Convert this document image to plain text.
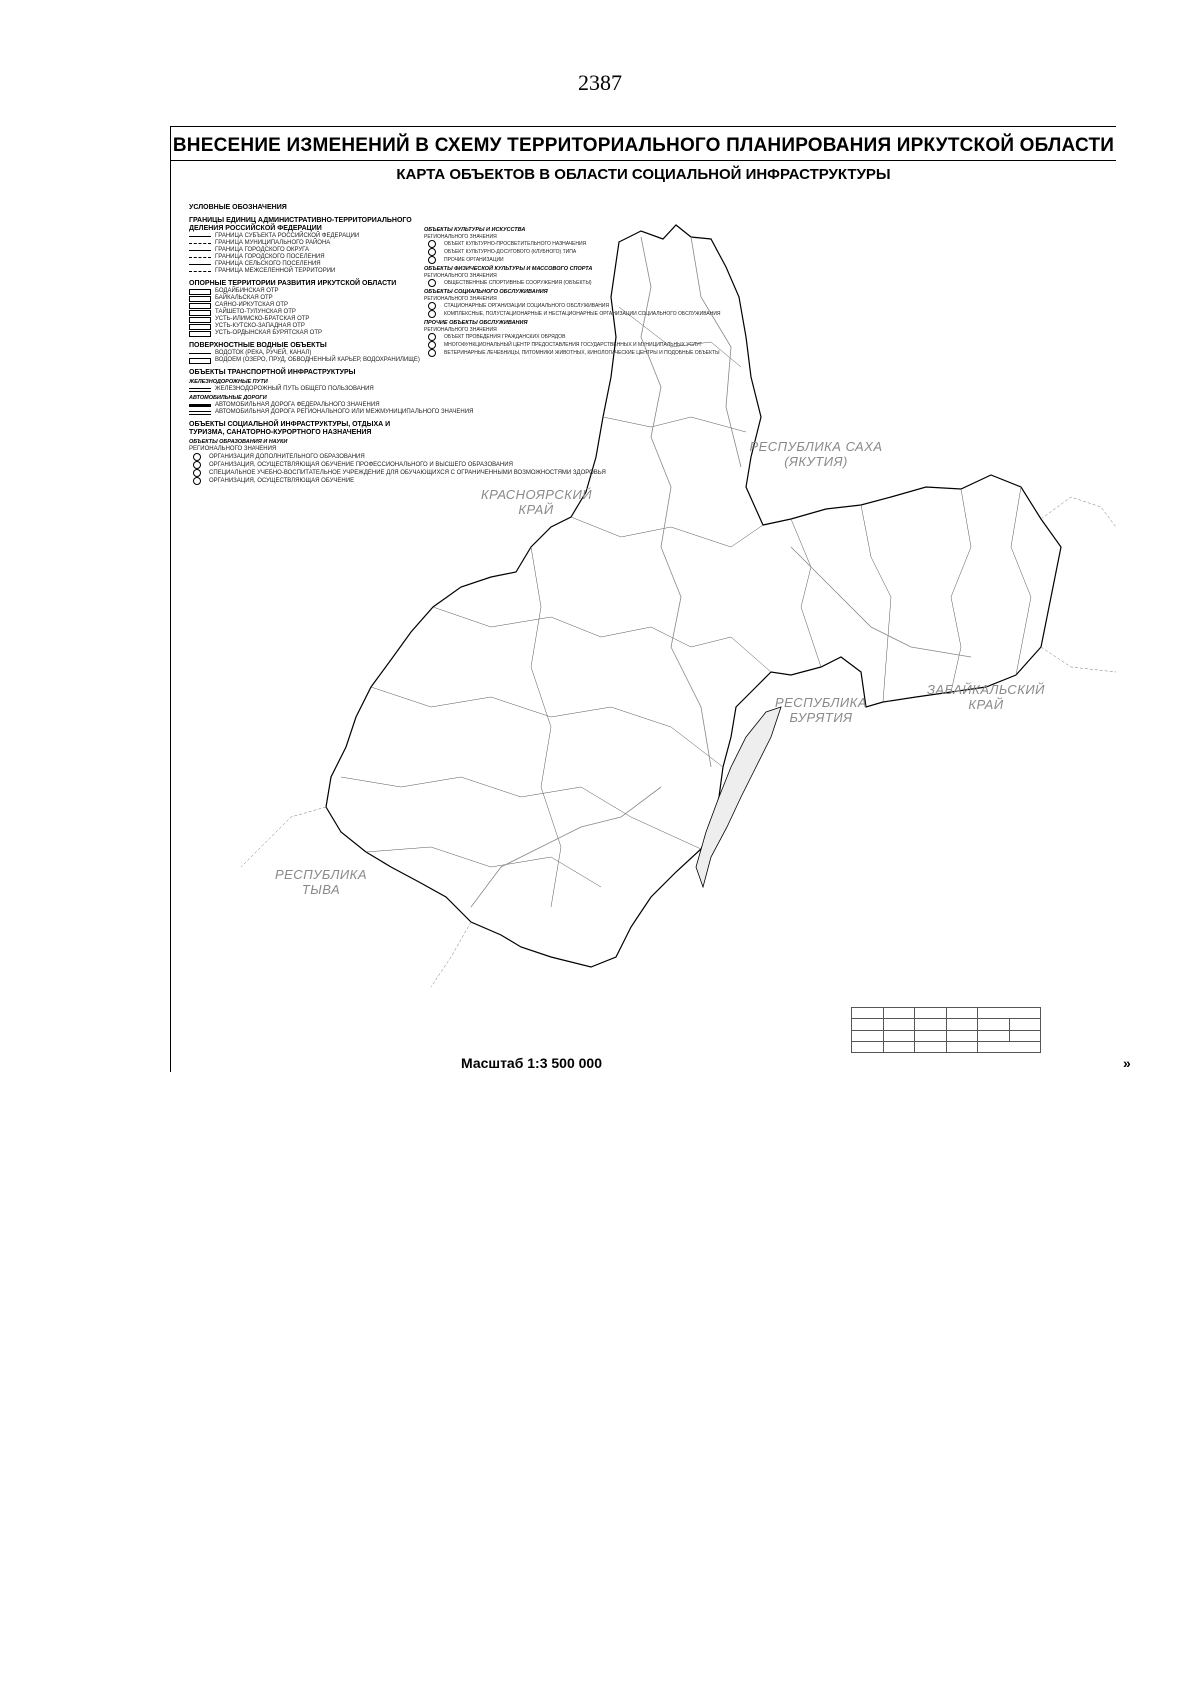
2387
ВНЕСЕНИЕ ИЗМЕНЕНИЙ В СХЕМУ ТЕРРИТОРИАЛЬНОГО ПЛАНИРОВАНИЯ ИРКУТСКОЙ ОБЛАСТИ
КАРТА ОБЪЕКТОВ В ОБЛАСТИ СОЦИАЛЬНОЙ ИНФРАСТРУКТУРЫ
УСЛОВНЫЕ ОБОЗНАЧЕНИЯ
ГРАНИЦЫ ЕДИНИЦ АДМИНИСТРАТИВНО-ТЕРРИТОРИАЛЬНОГО ДЕЛЕНИЯ РОССИЙСКОЙ ФЕДЕРАЦИИ
ГРАНИЦА СУБЪЕКТА РОССИЙСКОЙ ФЕДЕРАЦИИ
ГРАНИЦА МУНИЦИПАЛЬНОГО РАЙОНА
ГРАНИЦА ГОРОДСКОГО ОКРУГА
ГРАНИЦА ГОРОДСКОГО ПОСЕЛЕНИЯ
ГРАНИЦА СЕЛЬСКОГО ПОСЕЛЕНИЯ
ГРАНИЦА МЕЖСЕЛЕННОЙ ТЕРРИТОРИИ
ОПОРНЫЕ ТЕРРИТОРИИ РАЗВИТИЯ ИРКУТСКОЙ ОБЛАСТИ
БОДАЙБИНСКАЯ ОТР
БАЙКАЛЬСКАЯ ОТР
САЯНО-ИРКУТСКАЯ ОТР
ТАЙШЕТО-ТУЛУНСКАЯ ОТР
УСТЬ-ИЛИМСКО-БРАТСКАЯ ОТР
УСТЬ-КУТСКО-ЗАПАДНАЯ ОТР
УСТЬ-ОРДЫНСКАЯ БУРЯТСКАЯ ОТР
ПОВЕРХНОСТНЫЕ ВОДНЫЕ ОБЪЕКТЫ
ВОДОТОК (РЕКА, РУЧЕЙ, КАНАЛ)
ВОДОЕМ (ОЗЕРО, ПРУД, ОБВОДНЕННЫЙ КАРЬЕР, ВОДОХРАНИЛИЩЕ)
ОБЪЕКТЫ ТРАНСПОРТНОЙ ИНФРАСТРУКТУРЫ
ЖЕЛЕЗНОДОРОЖНЫЕ ПУТИ
ЖЕЛЕЗНОДОРОЖНЫЙ ПУТЬ ОБЩЕГО ПОЛЬЗОВАНИЯ
АВТОМОБИЛЬНЫЕ ДОРОГИ
АВТОМОБИЛЬНАЯ ДОРОГА ФЕДЕРАЛЬНОГО ЗНАЧЕНИЯ
АВТОМОБИЛЬНАЯ ДОРОГА РЕГИОНАЛЬНОГО ИЛИ МЕЖМУНИЦИПАЛЬНОГО ЗНАЧЕНИЯ
ОБЪЕКТЫ СОЦИАЛЬНОЙ ИНФРАСТРУКТУРЫ, ОТДЫХА И ТУРИЗМА, САНАТОРНО-КУРОРТНОГО НАЗНАЧЕНИЯ
ОБЪЕКТЫ ОБРАЗОВАНИЯ И НАУКИ
РЕГИОНАЛЬНОГО ЗНАЧЕНИЯ
ОРГАНИЗАЦИЯ ДОПОЛНИТЕЛЬНОГО ОБРАЗОВАНИЯ
ОРГАНИЗАЦИЯ, ОСУЩЕСТВЛЯЮЩАЯ ОБУЧЕНИЕ ПРОФЕССИОНАЛЬНОГО И ВЫСШЕГО ОБРАЗОВАНИЯ
СПЕЦИАЛЬНОЕ УЧЕБНО-ВОСПИТАТЕЛЬНОЕ УЧРЕЖДЕНИЕ ДЛЯ ОБУЧАЮЩИХСЯ С ОГРАНИЧЕННЫМИ ВОЗМОЖНОСТЯМИ ЗДОРОВЬЯ
ОРГАНИЗАЦИЯ, ОСУЩЕСТВЛЯЮЩАЯ ОБУЧЕНИЕ
ОБЪЕКТЫ КУЛЬТУРЫ И ИСКУССТВА
РЕГИОНАЛЬНОГО ЗНАЧЕНИЯ
ОБЪЕКТ КУЛЬТУРНО-ПРОСВЕТИТЕЛЬНОГО НАЗНАЧЕНИЯ
ОБЪЕКТ КУЛЬТУРНО-ДОСУГОВОГО (КЛУБНОГО) ТИПА
ПРОЧИЕ ОРГАНИЗАЦИИ
ОБЪЕКТЫ ФИЗИЧЕСКОЙ КУЛЬТУРЫ И МАССОВОГО СПОРТА
РЕГИОНАЛЬНОГО ЗНАЧЕНИЯ
ОБЩЕСТВЕННЫЕ СПОРТИВНЫЕ СООРУЖЕНИЯ (ОБЪЕКТЫ)
ОБЪЕКТЫ СОЦИАЛЬНОГО ОБСЛУЖИВАНИЯ
РЕГИОНАЛЬНОГО ЗНАЧЕНИЯ
СТАЦИОНАРНЫЕ ОРГАНИЗАЦИИ СОЦИАЛЬНОГО ОБСЛУЖИВАНИЯ
КОМПЛЕКСНЫЕ, ПОЛУСТАЦИОНАРНЫЕ И НЕСТАЦИОНАРНЫЕ ОРГАНИЗАЦИИ СОЦИАЛЬНОГО ОБСЛУЖИВАНИЯ
ПРОЧИЕ ОБЪЕКТЫ ОБСЛУЖИВАНИЯ
РЕГИОНАЛЬНОГО ЗНАЧЕНИЯ
ОБЪЕКТ ПРОВЕДЕНИЯ ГРАЖДАНСКИХ ОБРЯДОВ
МНОГОФУНКЦИОНАЛЬНЫЙ ЦЕНТР ПРЕДОСТАВЛЕНИЯ ГОСУДАРСТВЕННЫХ И МУНИЦИПАЛЬНЫХ УСЛУГ
ВЕТЕРИНАРНЫЕ ЛЕЧЕБНИЦЫ, ПИТОМНИКИ ЖИВОТНЫХ, КИНОЛОГИЧЕСКИЕ ЦЕНТРЫ И ПОДОБНЫЕ ОБЪЕКТЫ
КРАСНОЯРСКИЙ
КРАЙ
РЕСПУБЛИКА САХА
(ЯКУТИЯ)
РЕСПУБЛИКА
БУРЯТИЯ
ЗАБАЙКАЛЬСКИЙ
КРАЙ
РЕСПУБЛИКА
ТЫВА

Масштаб 1:3 500 000	»
